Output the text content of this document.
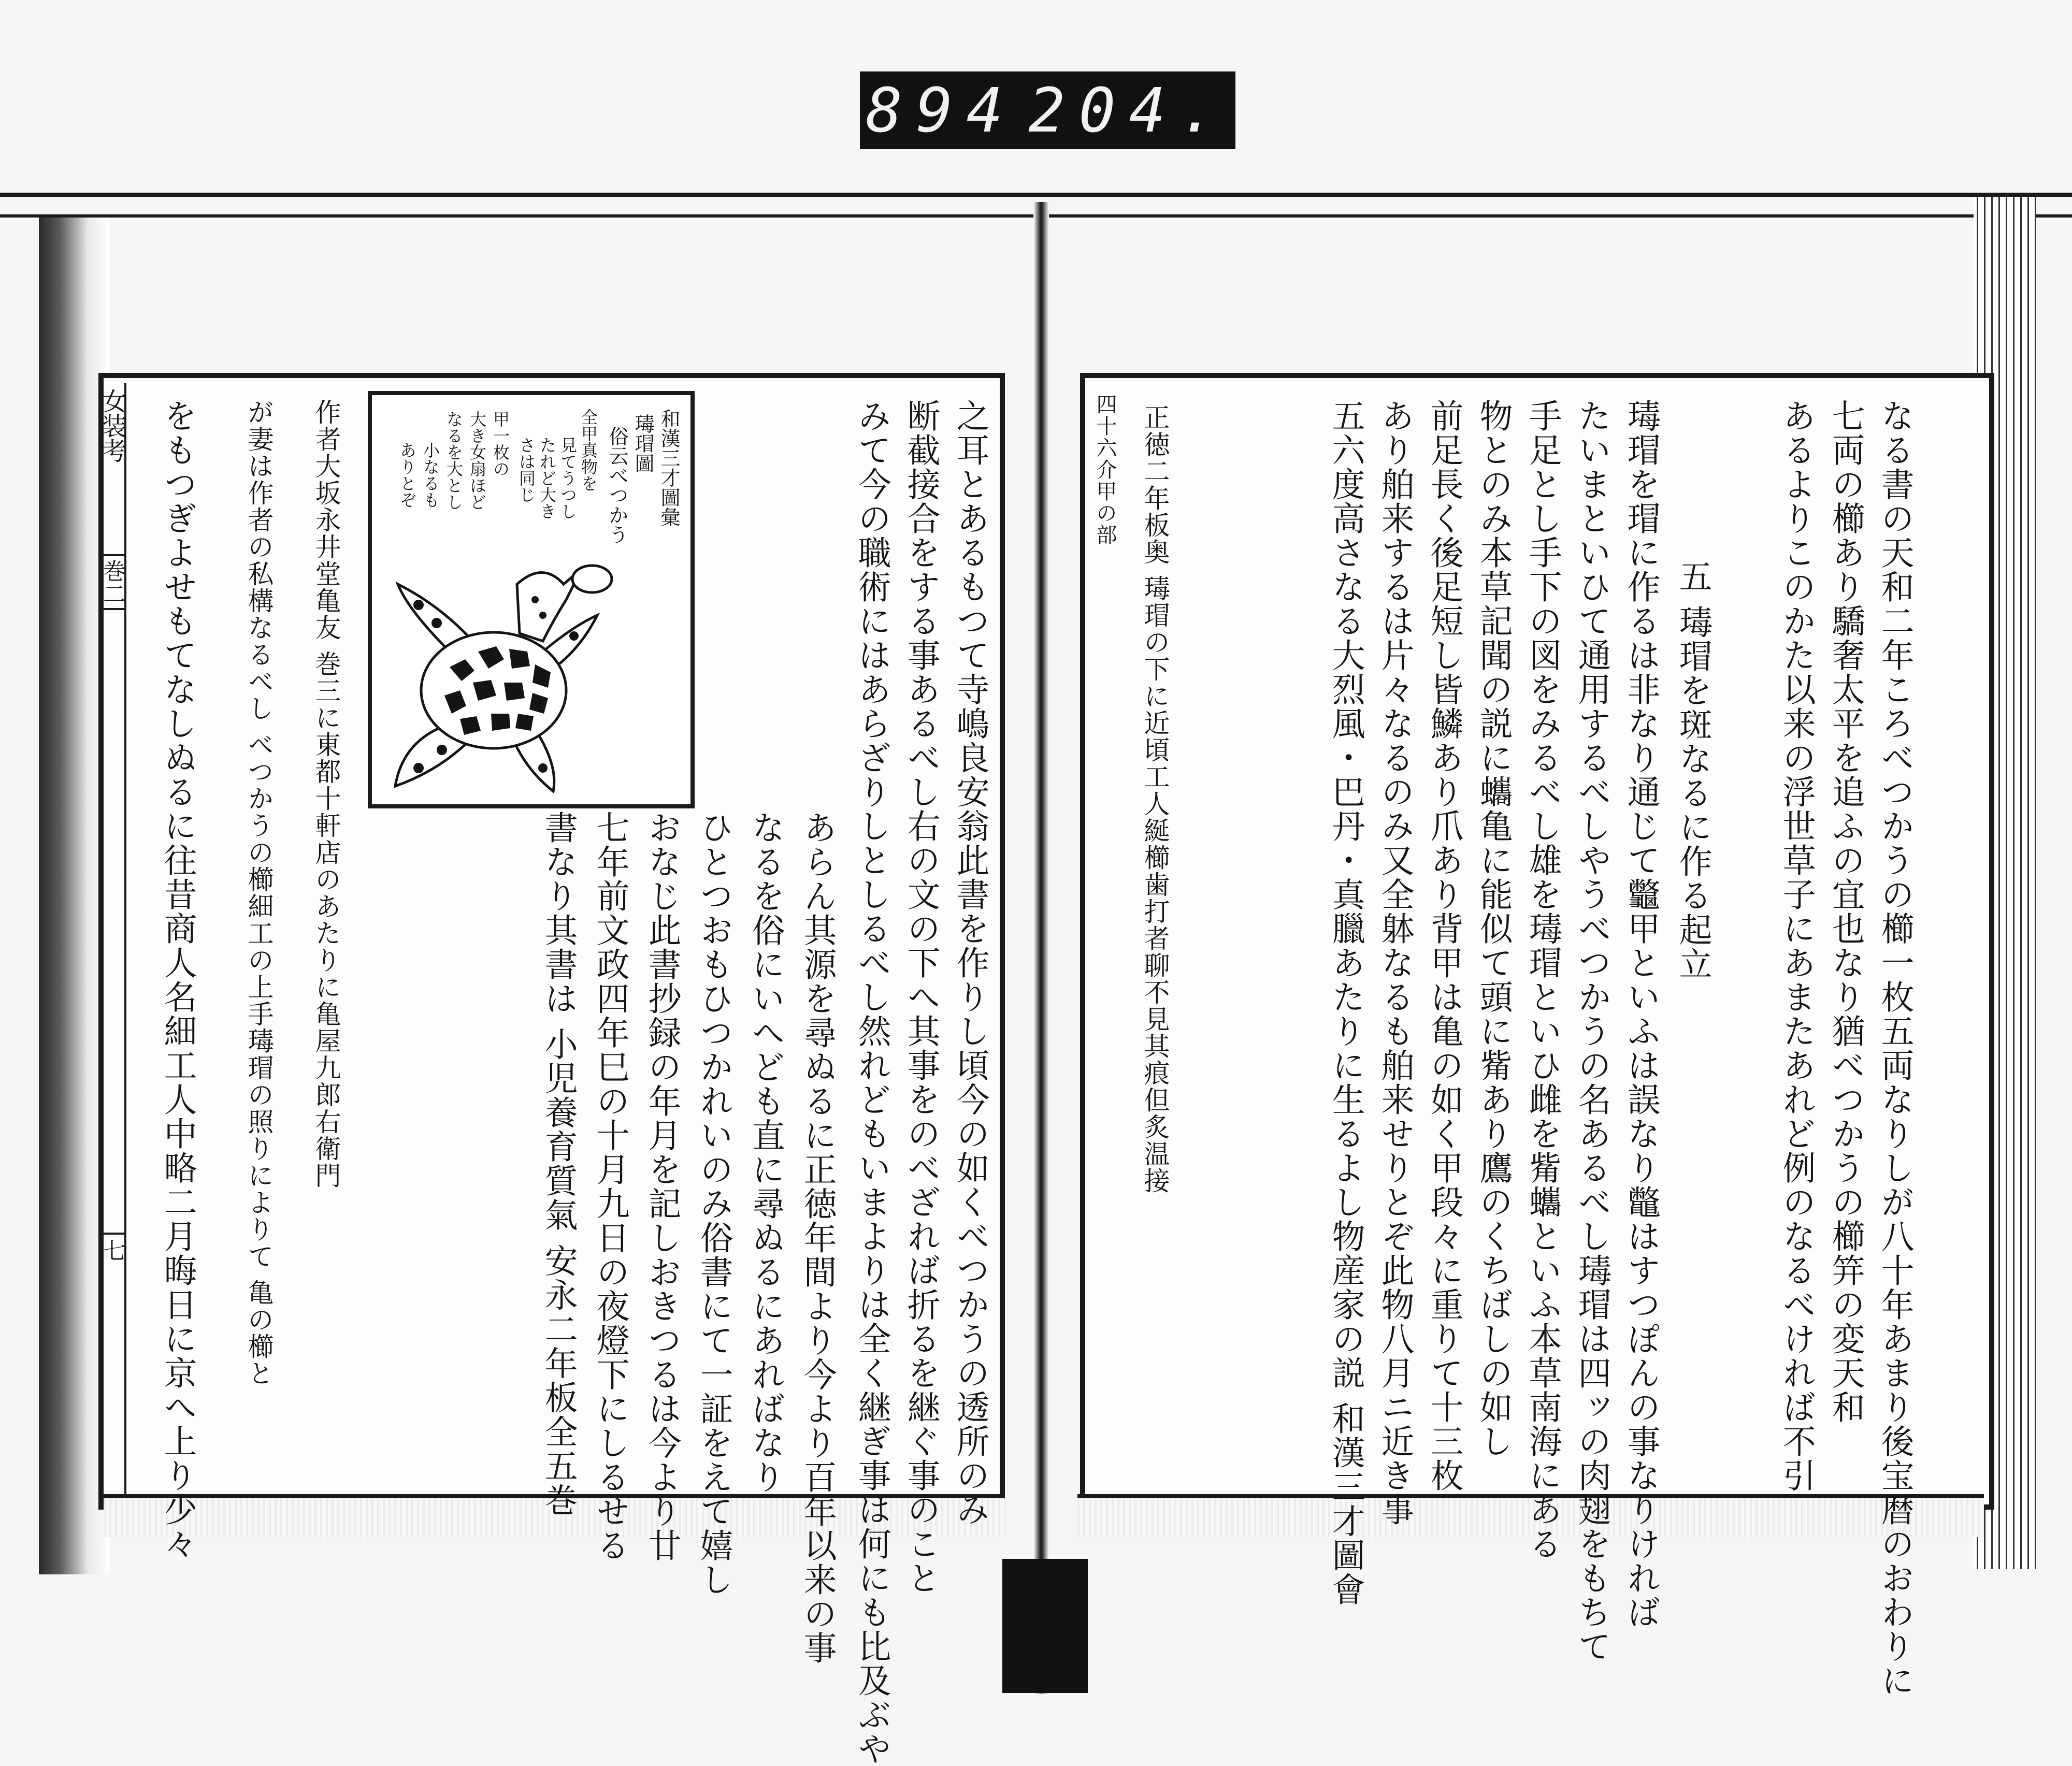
894 204.
女装考
巻二
七
和漢三才圖彙
瑇瑁圖
俗云べつかう
全甲真物を
見てうつし
たれど大き
さは同じ
甲一枚の
大き女扇ほど
なるを大とし
小なるも
ありとぞ	之耳とあるもつて寺嶋良安翁此書を作りし頃今の如くべつかうの透所のみ
断截接合をする事あるべし右の文の下へ其事をのべざれば折るを継ぐ事のこと
みて今の職術にはあらざりしとしるべし然れどもいまよりは全く継ぎ事は何にも比及ぶや
あらん其源を尋ぬるに正徳年間より今より百年以来の事
なるを俗にいへども直に尋ぬるにあればなり
ひとつおもひつかれいのみ俗書にて一証をえて嬉し
おなじ此書抄録の年月を記しおきつるは今より廿
七年前文政四年巳の十月九日の夜燈下にしるせる
書なり其書は 小児養育質氣 安永二年板全五巻
作者大坂永井堂亀友 巻三に東都十軒店のあたりに亀屋九郎右衛門
が妻は作者の私構なるべし べつかうの櫛細工の上手瑇瑁の照りによりて 亀の櫛と
をもつぎよせもてなしぬるに往昔商人名細工人中略二月晦日に京へ上り少々	なる書の天和二年ころべつかうの櫛一枚五両なりしが八十年あまり後宝暦のおわりに
七両の櫛あり驕奢太平を追ふの宜也なり猶べつかうの櫛笄の変天和
あるよりこのかた以来の浮世草子にあまたあれど例のなるべければ不引
五 瑇瑁を斑なるに作る起立
瑇瑁を瑁に作るは非なり通じて龞甲といふは誤なり鼈はすつぽんの事なりければ
たいまといひて通用するべしやうべつかうの名あるべし瑇瑁は四ッの肉翅をもちて
手足とし手下の図をみるべし雄を瑇瑁といひ雌を觜蠵といふ本草南海にある
物とのみ本草記聞の説に蠵亀に能似て頭に觜あり鷹のくちばしの如し
前足長く後足短し皆鱗あり爪あり背甲は亀の如く甲段々に重りて十三枚
あり舶来するは片々なるのみ又全躰なるも舶来せりとぞ此物八月ニ近き事
五六度高さなる大烈風・巴丹・真臘あたりに生るよし物産家の説 和漢三才圖會
正徳二年板奥 瑇瑁の下に近頃工人綖櫛歯打者聊不見其痕但炙温接
四十六介甲の部
